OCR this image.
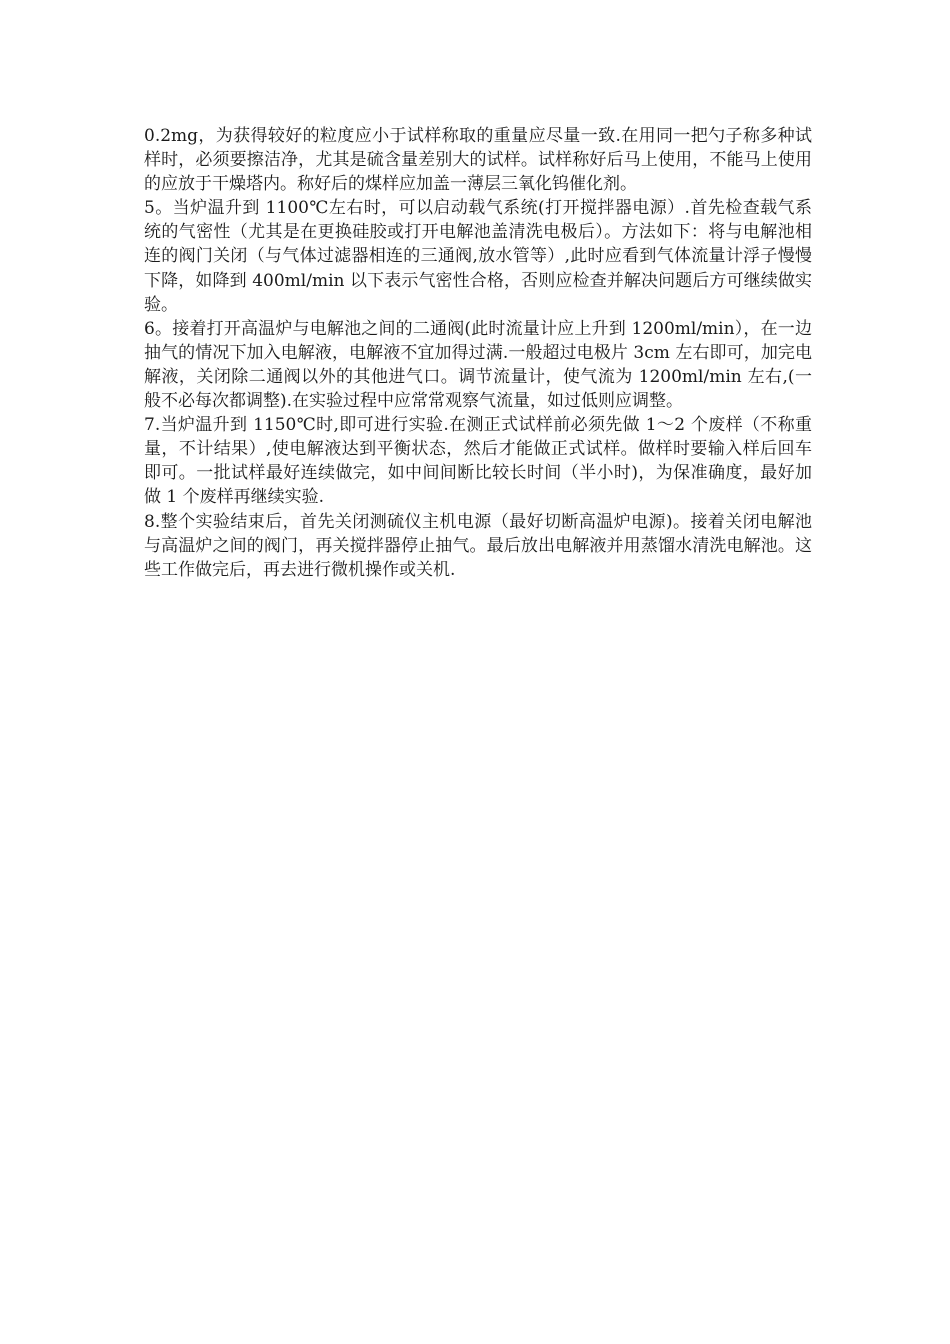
0.2mg，为获得较好的粒度应小于试样称取的重量应尽量一致.在用同一把勺子称多种试样时，必须要擦洁净，尤其是硫含量差别大的试样。试样称好后马上使用，不能马上使用的应放于干燥塔内。称好后的煤样应加盖一薄层三氧化钨催化剂。

5。当炉温升到 1100℃左右时，可以启动载气系统(打开搅拌器电源）.首先检查载气系统的气密性（尤其是在更换硅胶或打开电解池盖清洗电极后）。方法如下：将与电解池相连的阀门关闭（与气体过滤器相连的三通阀,放水管等）,此时应看到气体流量计浮子慢慢下降，如降到 400ml/min 以下表示气密性合格，否则应检查并解决问题后方可继续做实验。

6。接着打开高温炉与电解池之间的二通阀(此时流量计应上升到 1200ml/min），在一边抽气的情况下加入电解液，电解液不宜加得过满.一般超过电极片 3cm 左右即可，加完电解液，关闭除二通阀以外的其他进气口。调节流量计，使气流为 1200ml/min 左右,(一般不必每次都调整).在实验过程中应常常观察气流量，如过低则应调整。

7.当炉温升到 1150℃时,即可进行实验.在测正式试样前必须先做 1～2 个废样（不称重量，不计结果）,使电解液达到平衡状态，然后才能做正式试样。做样时要输入样后回车即可。一批试样最好连续做完，如中间间断比较长时间（半小时)，为保准确度，最好加做 1 个废样再继续实验.

8.整个实验结束后，首先关闭测硫仪主机电源（最好切断高温炉电源)。接着关闭电解池与高温炉之间的阀门，再关搅拌器停止抽气。最后放出电解液并用蒸馏水清洗电解池。这些工作做完后，再去进行微机操作或关机.
